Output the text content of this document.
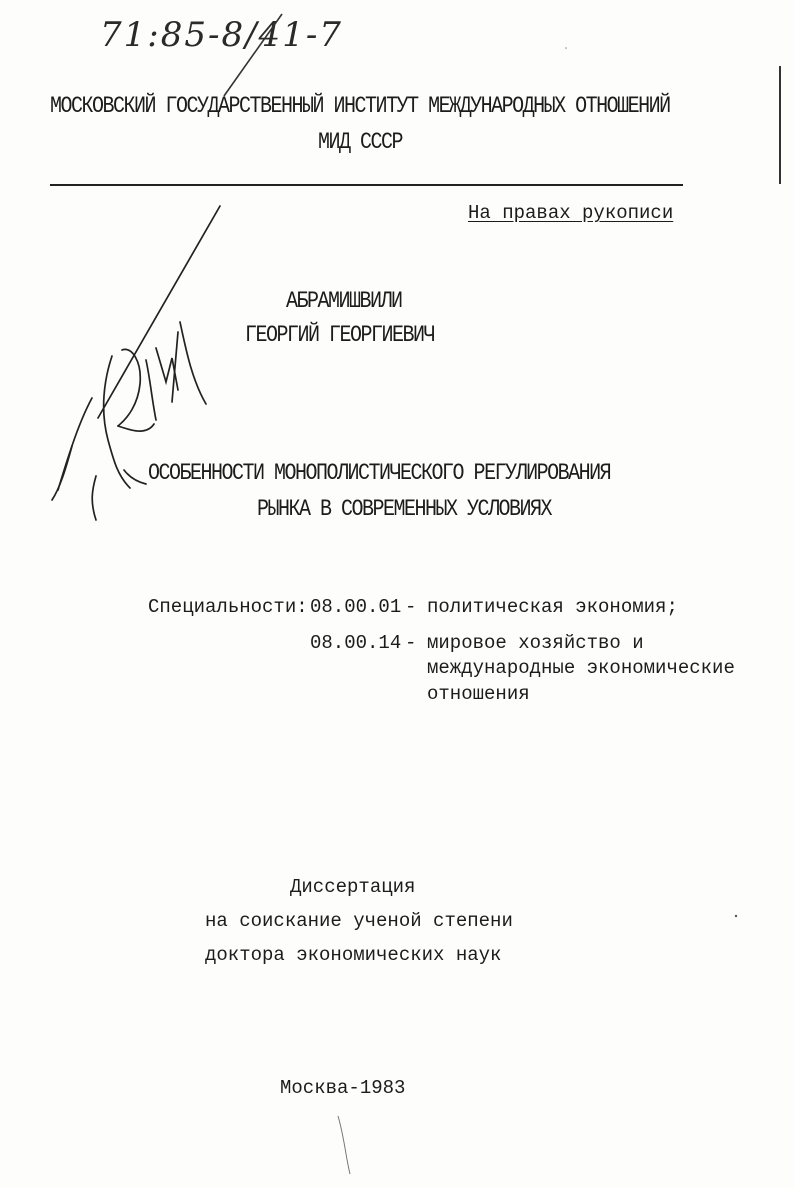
71:85-8/41-7
МОСКОВСКИЙ ГОСУДАРСТВЕННЫЙ ИНСТИТУТ МЕЖДУНАРОДНЫХ ОТНОШЕНИЙ
МИД СССР
На правах рукописи
АБРАМИШВИЛИ
ГЕОРГИЙ ГЕОРГИЕВИЧ
ОСОБЕННОСТИ МОНОПОЛИСТИЧЕСКОГО РЕГУЛИРОВАНИЯ
РЫНКА В СОВРЕМЕННЫХ УСЛОВИЯХ
Специальности: 08.00.01 - политическая экономия;
08.00.14 - мировое хозяйство и
международные экономические
отношения
Диссертация
на соискание ученой степени
доктора экономических наук
Москва-1983
